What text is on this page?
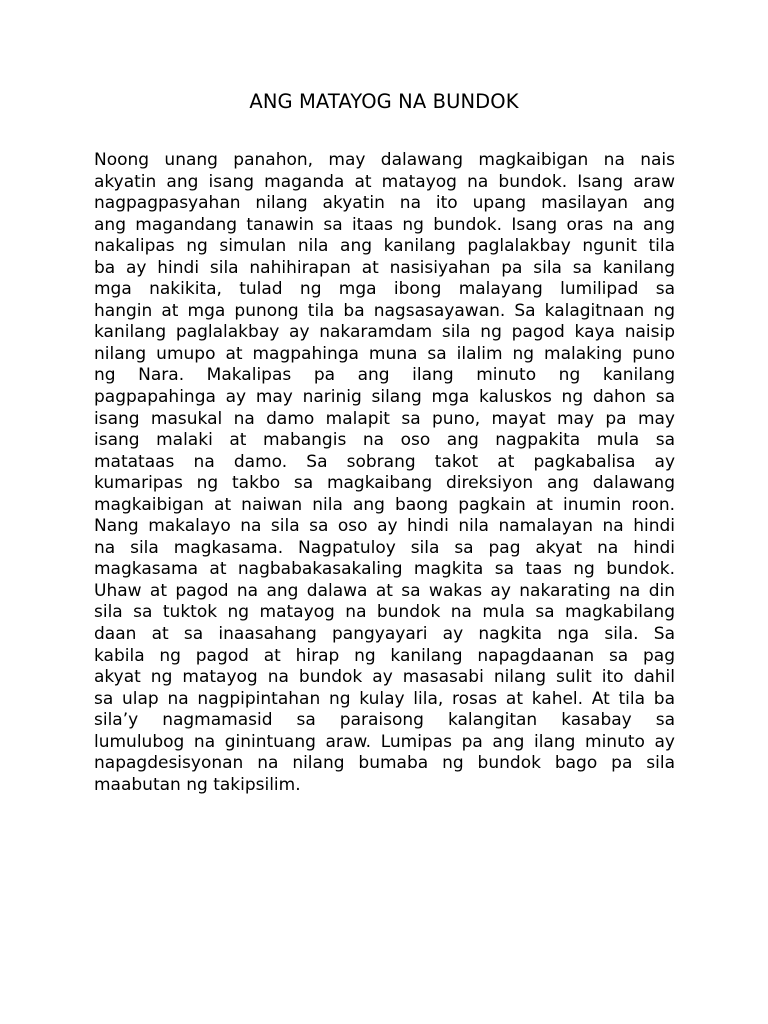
ANG MATAYOG NA BUNDOK
Noong unang panahon, may dalawang magkaibigan na nais
akyatin ang isang maganda at matayog na bundok. Isang araw
nagpagpasyahan nilang akyatin na ito upang masilayan ang
ang magandang tanawin sa itaas ng bundok. Isang oras na ang
nakalipas ng simulan nila ang kanilang paglalakbay ngunit tila
ba ay hindi sila nahihirapan at nasisiyahan pa sila sa kanilang
mga nakikita, tulad ng mga ibong malayang lumilipad sa
hangin at mga punong tila ba nagsasayawan. Sa kalagitnaan ng
kanilang paglalakbay ay nakaramdam sila ng pagod kaya naisip
nilang umupo at magpahinga muna sa ilalim ng malaking puno
ng Nara. Makalipas pa ang ilang minuto ng kanilang
pagpapahinga ay may narinig silang mga kaluskos ng dahon sa
isang masukal na damo malapit sa puno, mayat may pa may
isang malaki at mabangis na oso ang nagpakita mula sa
matataas na damo. Sa sobrang takot at pagkabalisa ay
kumaripas ng takbo sa magkaibang direksiyon ang dalawang
magkaibigan at naiwan nila ang baong pagkain at inumin roon.
Nang makalayo na sila sa oso ay hindi nila namalayan na hindi
na sila magkasama. Nagpatuloy sila sa pag akyat na hindi
magkasama at nagbabakasakaling magkita sa taas ng bundok.
Uhaw at pagod na ang dalawa at sa wakas ay nakarating na din
sila sa tuktok ng matayog na bundok na mula sa magkabilang
daan at sa inaasahang pangyayari ay nagkita nga sila. Sa
kabila ng pagod at hirap ng kanilang napagdaanan sa pag
akyat ng matayog na bundok ay masasabi nilang sulit ito dahil
sa ulap na nagpipintahan ng kulay lila, rosas at kahel. At tila ba
sila’y nagmamasid sa paraisong kalangitan kasabay sa
lumulubog na ginintuang araw. Lumipas pa ang ilang minuto ay
napagdesisyonan na nilang bumaba ng bundok bago pa sila
maabutan ng takipsilim.
